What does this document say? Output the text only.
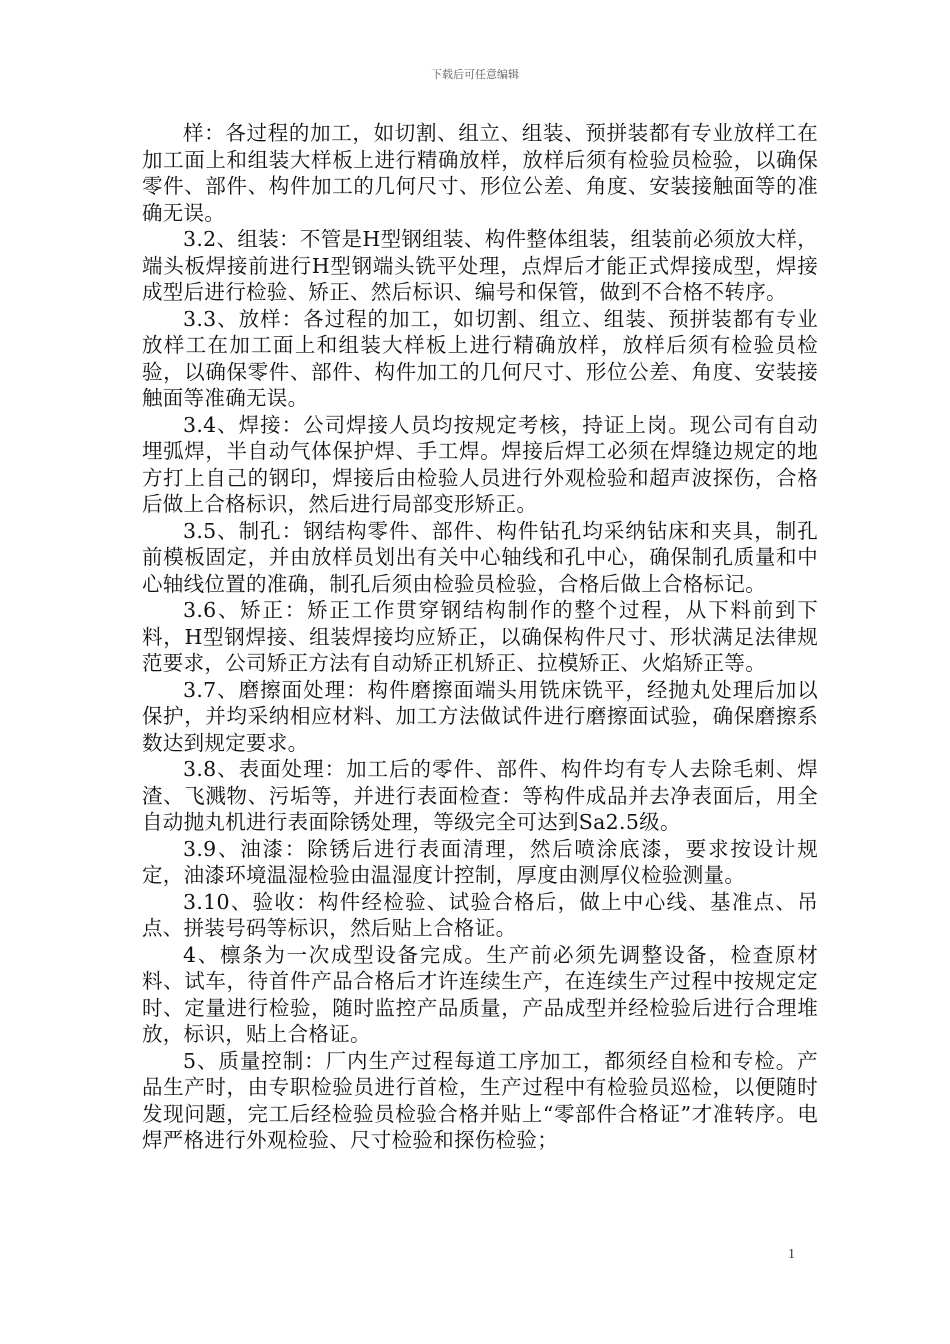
下载后可任意编辑

样：各过程的加工，如切割、组立、组装、预拼装都有专业放样工在加工面上和组装大样板上进行精确放样，放样后须有检验员检验，以确保零件、部件、构件加工的几何尺寸、形位公差、角度、安装接触面等的准确无误。

3.2、组装：不管是H型钢组装、构件整体组装，组装前必须放大样，端头板焊接前进行H型钢端头铣平处理，点焊后才能正式焊接成型，焊接成型后进行检验、矫正、然后标识、编号和保管，做到不合格不转序。

3.3、放样：各过程的加工，如切割、组立、组装、预拼装都有专业放样工在加工面上和组装大样板上进行精确放样，放样后须有检验员检验，以确保零件、部件、构件加工的几何尺寸、形位公差、角度、安装接触面等准确无误。

3.4、焊接：公司焊接人员均按规定考核，持证上岗。现公司有自动埋弧焊，半自动气体保护焊、手工焊。焊接后焊工必须在焊缝边规定的地方打上自己的钢印，焊接后由检验人员进行外观检验和超声波探伤，合格后做上合格标识，然后进行局部变形矫正。

3.5、制孔：钢结构零件、部件、构件钻孔均采纳钻床和夹具，制孔前模板固定，并由放样员划出有关中心轴线和孔中心，确保制孔质量和中心轴线位置的准确，制孔后须由检验员检验，合格后做上合格标记。

3.6、矫正：矫正工作贯穿钢结构制作的整个过程，从下料前到下料，H型钢焊接、组装焊接均应矫正，以确保构件尺寸、形状满足法律规范要求，公司矫正方法有自动矫正机矫正、拉模矫正、火焰矫正等。

3.7、磨擦面处理：构件磨擦面端头用铣床铣平，经抛丸处理后加以保护，并均采纳相应材料、加工方法做试件进行磨擦面试验，确保磨擦系数达到规定要求。

3.8、表面处理：加工后的零件、部件、构件均有专人去除毛刺、焊渣、飞溅物、污垢等，并进行表面检查：等构件成品并去净表面后，用全自动抛丸机进行表面除锈处理，等级完全可达到Sa2.5级。

3.9、油漆：除锈后进行表面清理，然后喷涂底漆，要求按设计规定，油漆环境温湿检验由温湿度计控制，厚度由测厚仪检验测量。

3.10、验收：构件经检验、试验合格后，做上中心线、基准点、吊点、拼装号码等标识，然后贴上合格证。

4、檩条为一次成型设备完成。生产前必须先调整设备，检查原材料、试车，待首件产品合格后才许连续生产，在连续生产过程中按规定定时、定量进行检验，随时监控产品质量，产品成型并经检验后进行合理堆放，标识，贴上合格证。

5、质量控制：厂内生产过程每道工序加工，都须经自检和专检。产品生产时，由专职检验员进行首检，生产过程中有检验员巡检，以便随时发现问题，完工后经检验员检验合格并贴上“零部件合格证”才准转序。电焊严格进行外观检验、尺寸检验和探伤检验；

1
